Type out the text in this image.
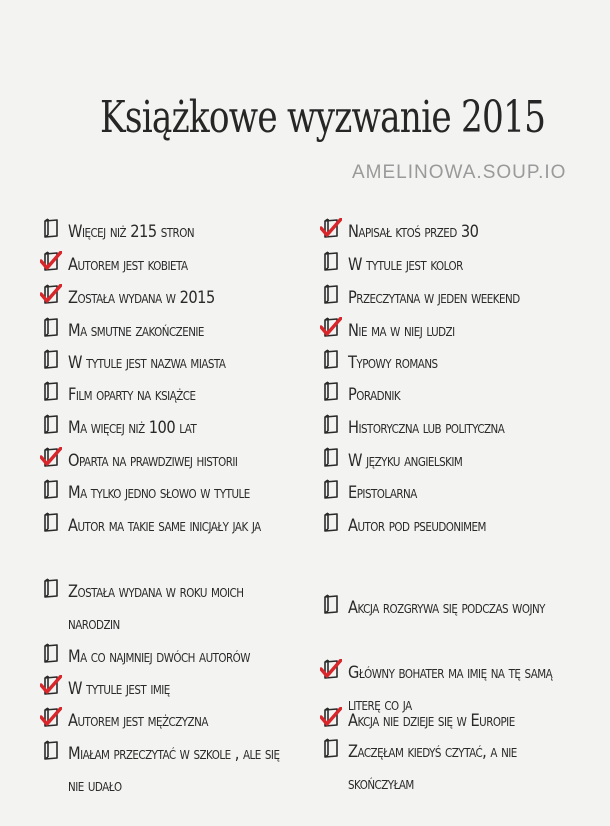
Książkowe wyzwanie 2015
AMELINOWA.SOUP.IO
Więcej niż 215 stron
Autorem jest kobieta
Została wydana w 2015
Ma smutne zakończenie
W tytule jest nazwa miasta
Film oparty na książce
Ma więcej niż 100 lat
Oparta na prawdziwej historii
Ma tylko jedno słowo w tytule
Autor ma takie same inicjały jak ja
Została wydana w roku moich narodzin
Ma co najmniej dwóch autorów
W tytule jest imię
Autorem jest mężczyzna
Miałam przeczytać w szkole , ale się nie udało
Napisał ktoś przed 30
W tytule jest kolor
Przeczytana w jeden weekend
Nie ma w niej ludzi
Typowy romans
Poradnik
Historyczna lub polityczna
W języku angielskim
Epistolarna
Autor pod pseudonimem
Akcja rozgrywa się podczas wojny
Główny bohater ma imię na tę samą literę co ja
Akcja nie dzieje się w Europie
Zaczęłam kiedyś czytać, a nie skończyłam
